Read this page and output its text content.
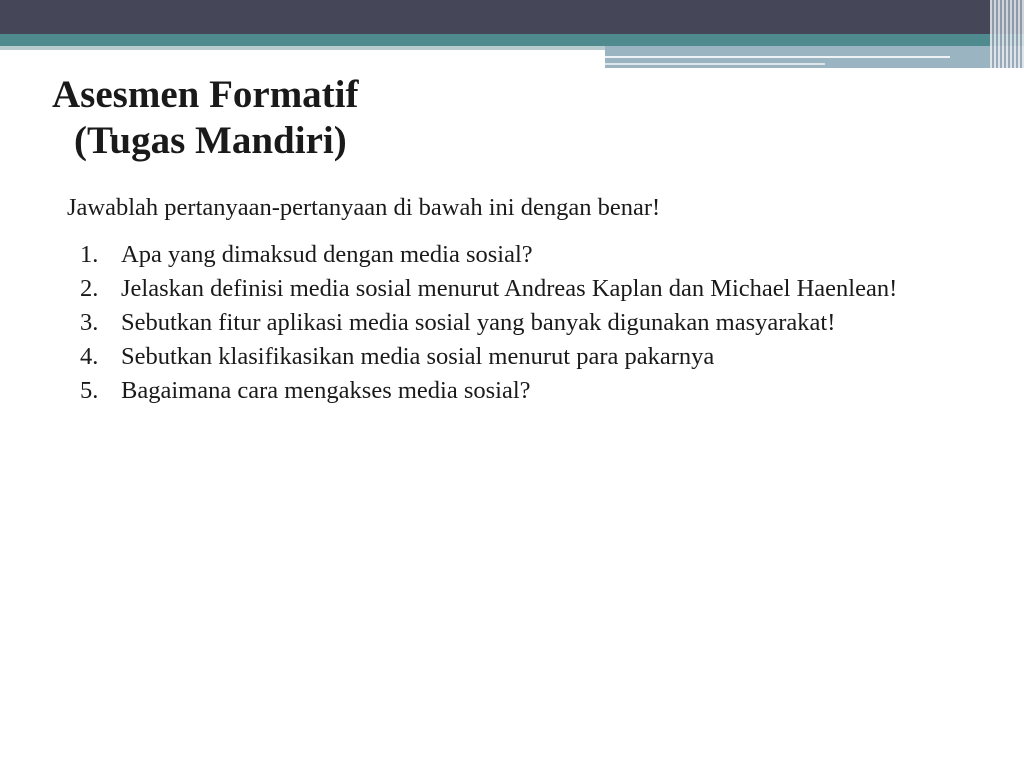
Asesmen Formatif
(Tugas Mandiri)

Jawablah pertanyaan-pertanyaan di bawah ini dengan benar!

1. Apa yang dimaksud dengan media sosial?
2. Jelaskan definisi media sosial menurut Andreas Kaplan dan Michael Haenlean!
3. Sebutkan fitur aplikasi media sosial yang banyak digunakan masyarakat!
4. Sebutkan klasifikasikan media sosial menurut para pakarnya
5. Bagaimana cara mengakses media sosial?
